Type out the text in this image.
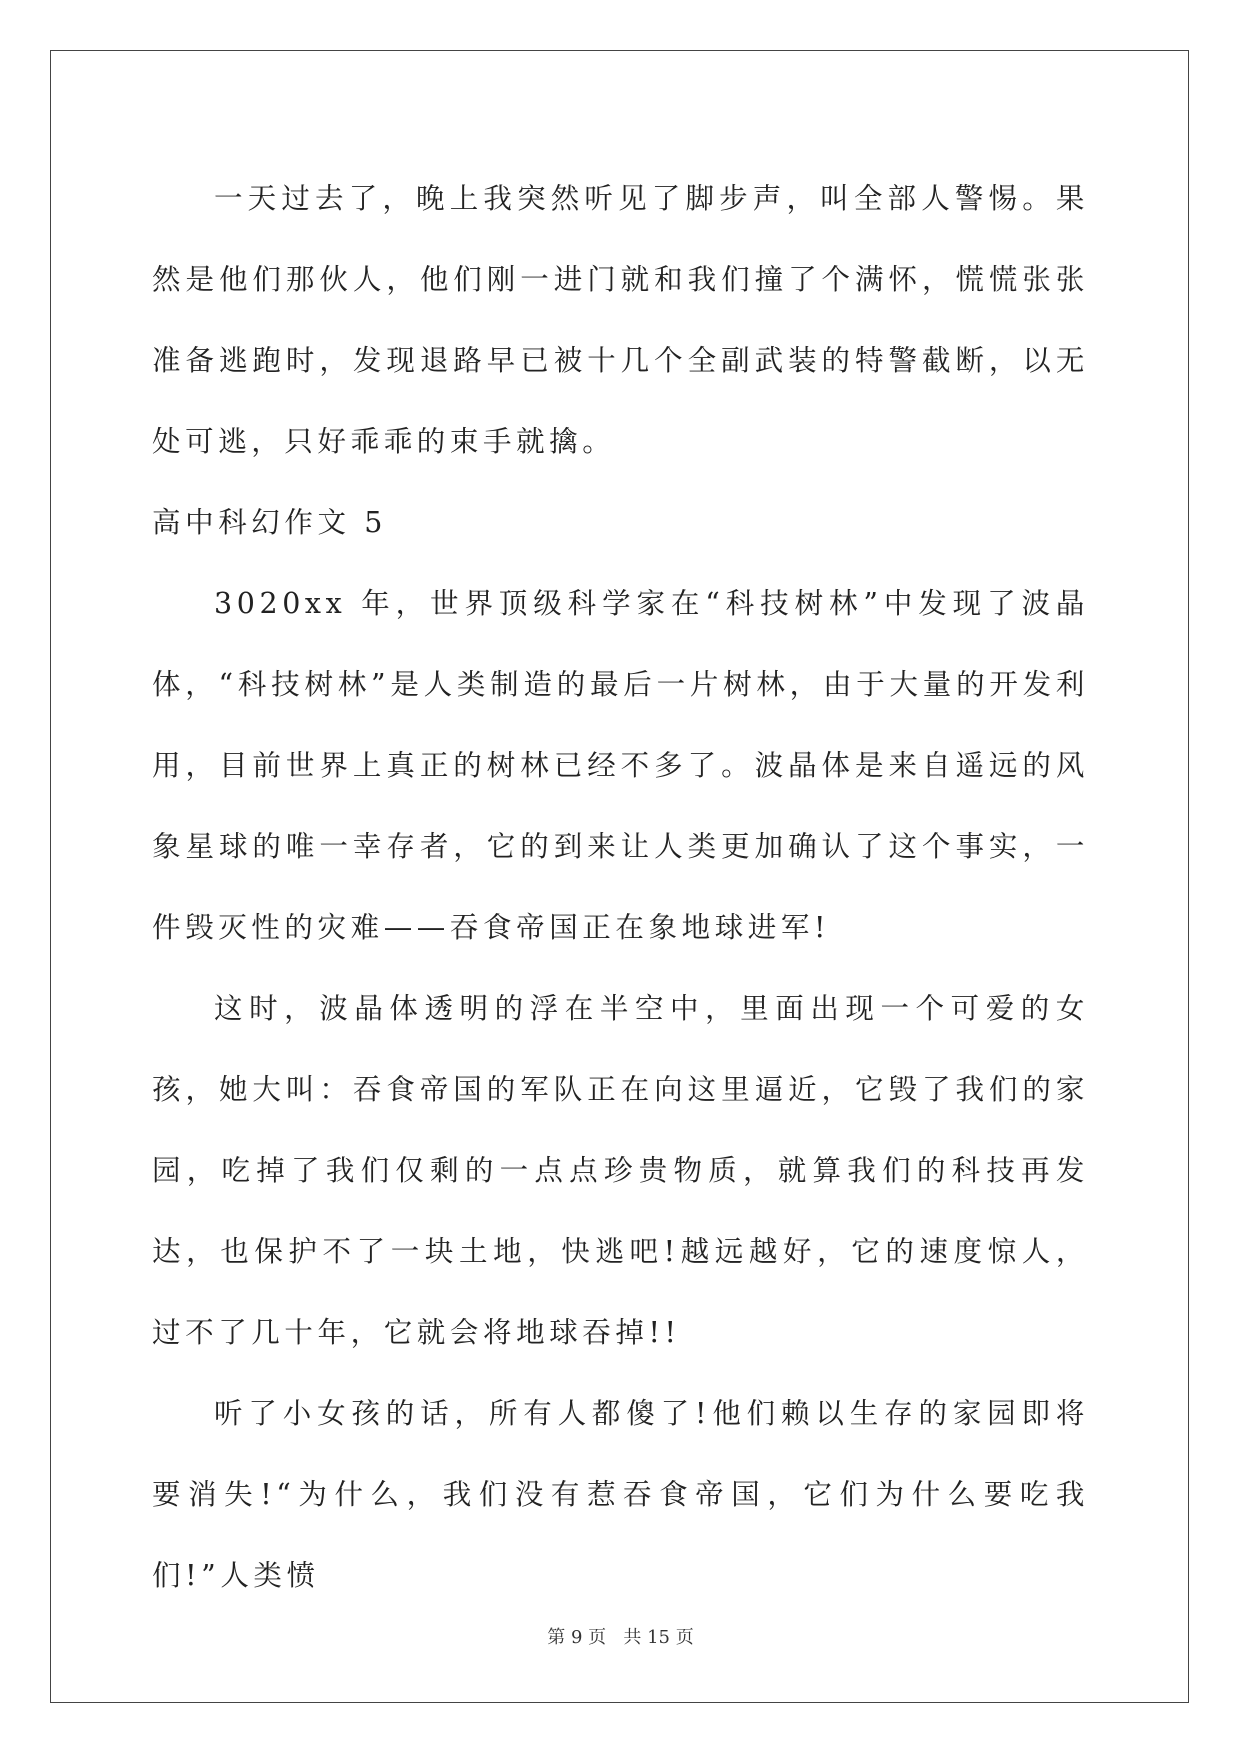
一天过去了，晚上我突然听见了脚步声，叫全部人警惕。果然是他们那伙人，他们刚一进门就和我们撞了个满怀，慌慌张张准备逃跑时，发现退路早已被十几个全副武装的特警截断，以无处可逃，只好乖乖的束手就擒。

高中科幻作文 5

3020xx 年，世界顶级科学家在“科技树林”中发现了波晶体，“科技树林”是人类制造的最后一片树林，由于大量的开发利用，目前世界上真正的树林已经不多了。波晶体是来自遥远的风象星球的唯一幸存者，它的到来让人类更加确认了这个事实，一件毁灭性的灾难——吞食帝国正在象地球进军!

这时，波晶体透明的浮在半空中，里面出现一个可爱的女孩，她大叫：吞食帝国的军队正在向这里逼近，它毁了我们的家园，吃掉了我们仅剩的一点点珍贵物质，就算我们的科技再发达，也保护不了一块土地，快逃吧!越远越好，它的速度惊人，过不了几十年，它就会将地球吞掉!!

听了小女孩的话，所有人都傻了!他们赖以生存的家园即将要消失!“为什么，我们没有惹吞食帝国，它们为什么要吃我们!”人类愤

第 9 页 共 15 页
